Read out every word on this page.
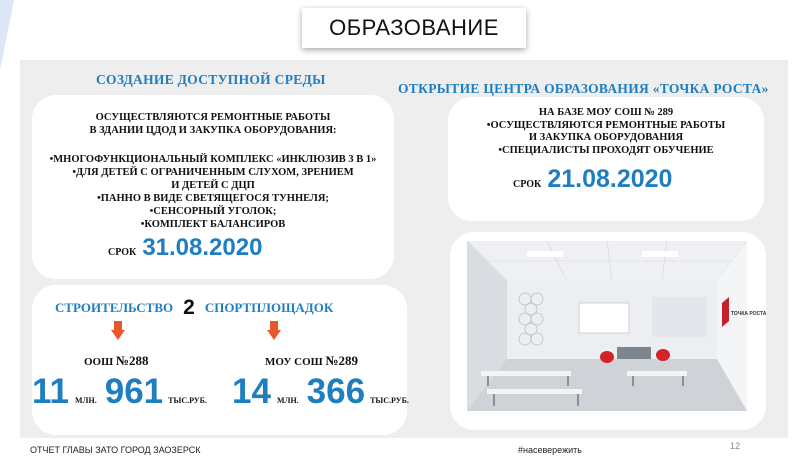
ОБРАЗОВАНИЕ
СОЗДАНИЕ ДОСТУПНОЙ СРЕДЫ
ОСУЩЕСТВЛЯЮТСЯ РЕМОНТНЫЕ РАБОТЫ
В ЗДАНИИ ЦДОД И ЗАКУПКА ОБОРУДОВАНИЯ:
•МНОГОФУНКЦИОНАЛЬНЫЙ КОМПЛЕКС «ИНКЛЮЗИВ 3 В 1»
•ДЛЯ ДЕТЕЙ С ОГРАНИЧЕННЫМ СЛУХОМ, ЗРЕНИЕМ
И ДЕТЕЙ С ДЦП
•ПАННО В ВИДЕ СВЕТЯЩЕГОСЯ ТУННЕЛЯ;
•СЕНСОРНЫЙ УГОЛОК;
•КОМПЛЕКТ БАЛАНСИРОВ
СРОК 31.08.2020
СТРОИТЕЛЬСТВО 2 СПОРТПЛОЩАДОК
ООШ №288	МОУ СОШ №289
11 МЛН. 961 ТЫС.РУБ. 14 МЛН. 366 ТЫС.РУБ.
ОТКРЫТИЕ ЦЕНТРА ОБРАЗОВАНИЯ «ТОЧКА РОСТА»
НА БАЗЕ МОУ СОШ № 289
•ОСУЩЕСТВЛЯЮТСЯ РЕМОНТНЫЕ РАБОТЫ
И ЗАКУПКА ОБОРУДОВАНИЯ
•СПЕЦИАЛИСТЫ ПРОХОДЯТ ОБУЧЕНИЕ
СРОК 21.08.2020
ТОЧКА РОСТА
ОТЧЕТ ГЛАВЫ ЗАТО ГОРОД ЗАОЗЕРСК	#насевережить	12
